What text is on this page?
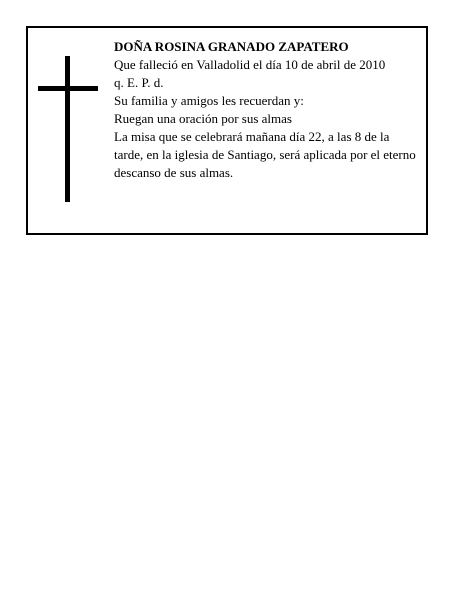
DOÑA ROSINA GRANADO ZAPATERO
Que falleció en Valladolid el día 10 de abril de 2010
q. E. P. d.
Su familia y amigos les recuerdan y:
Ruegan una oración por sus almas
La misa que se celebrará mañana día 22, a las 8 de la tarde, en la iglesia de Santiago, será aplicada por el eterno descanso de sus almas.
